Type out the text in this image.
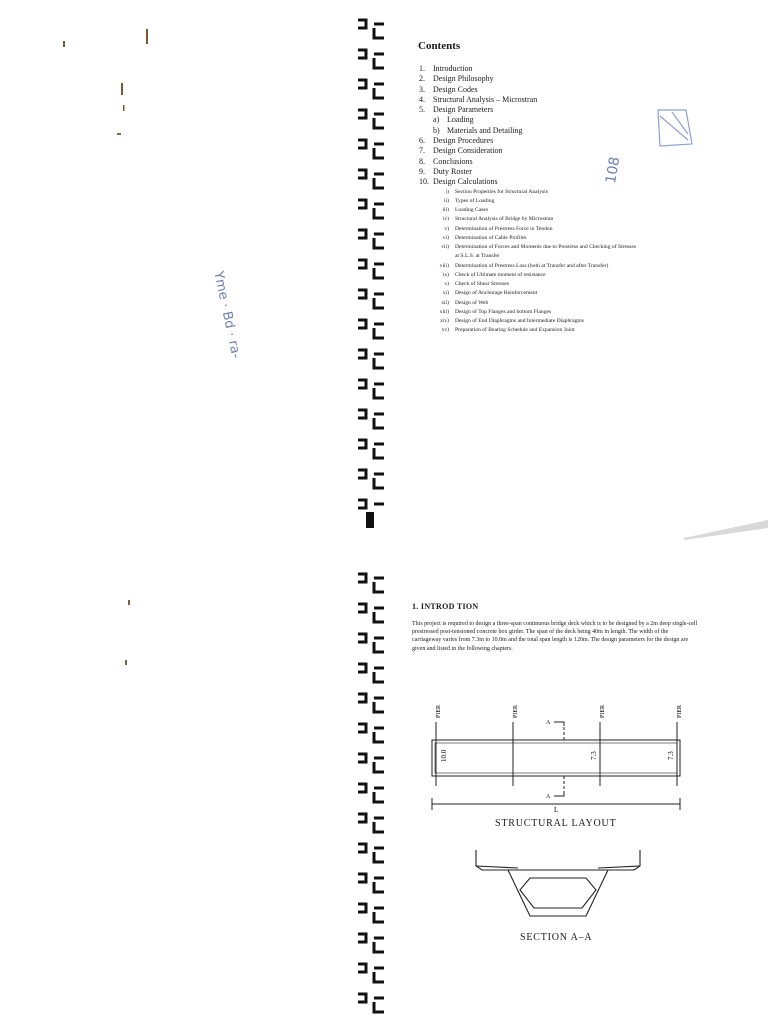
Yme · Bd · ra-
Contents
1. Introduction
2. Design Philosophy
3. Design Codes
4. Structural Analysis – Microstran
5. Design Parameters
a) Loading
b) Materials and Detailing
6. Design Procedures
7. Design Consideration
8. Conclusions
9. Duty Roster
10. Design Calculations
i) Section Properties for Structural Analysis
ii) Types of Loading
iii) Loading Cases
iv) Structural Analysis of Bridge by Microstran
v) Determination of Prestress Force in Tendon
vi) Determination of Cable Profiles
vii) Determination of Forces and Moments due to Prestress and Checking of Stresses
at S.L.S. at Transfer
viii) Determination of Prestress Loss (both at Transfer and after Transfer)
ix) Check of Ultimate moment of resistance
x) Check of Shear Stresses
xi) Design of Anchorage Reinforcement
xii) Design of Web
xiii) Design of Top Flanges and bottom Flanges
xiv) Design of End Diaphragms and Intermediate Diaphragms
xv) Preparation of Bearing Schedule and Expansion Joint
108
1. INTROD TION

This project is required to design a three-span continuous bridge deck which is to be designed by a 2m deep single-cell prestressed post-tensioned concrete box girder. The span of the deck being 40m in length. The width of the carriageway varies from 7.3m to 10.0m and the total span length is 120m. The design parameters for the design are given and listed in the following chapters.

PIER	PIER	PIER	PIER
10.0	7.3	7.3
A
A
L
STRUCTURAL LAYOUT
SECTION A–A
